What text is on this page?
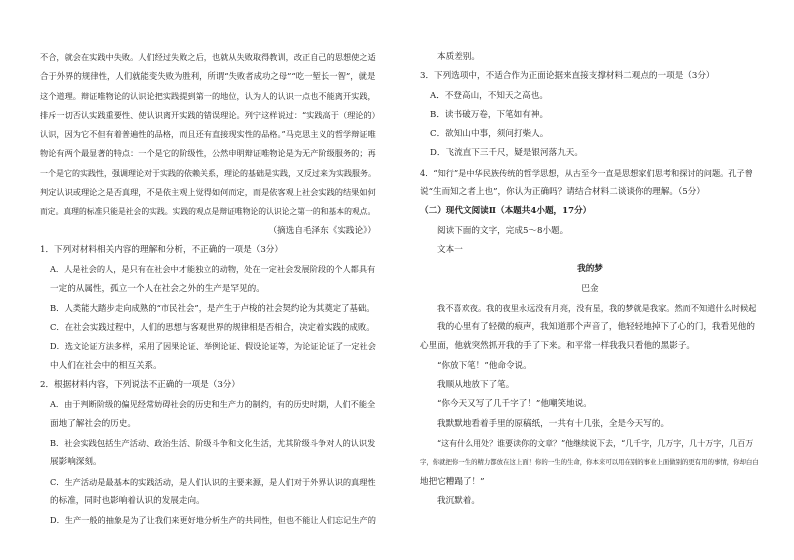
不合，就会在实践中失败。人们经过失败之后，也就从失败取得教训，改正自己的思想使之适
合于外界的规律性，人们就能变失败为胜利，所谓“失败者成功之母”“吃一堑长一智”，就是
这个道理。辩证唯物论的认识论把实践提到第一的地位，认为人的认识一点也不能离开实践，
排斥一切否认实践重要性、使认识离开实践的错误理论。列宁这样说过：“实践高于（理论的）
认识，因为它不但有着普遍性的品格，而且还有直接现实性的品格。”马克思主义的哲学辩证唯
物论有两个最显著的特点：一个是它的阶级性，公然申明辩证唯物论是为无产阶级服务的；再
一个是它的实践性，强调理论对于实践的依赖关系，理论的基础是实践，又反过来为实践服务。
判定认识或理论之是否真理，不是依主观上觉得如何而定，而是依客观上社会实践的结果如何
而定。真理的标准只能是社会的实践。实践的观点是辩证唯物论的认识论之第一的和基本的观点。
（摘选自毛泽东《实践论》）
1．下列对材料相关内容的理解和分析，不正确的一项是（3分）
A．人是社会的人，是只有在社会中才能独立的动物，处在一定社会发展阶段的个人都具有
一定的从属性，孤立一个人在社会之外的生产是罕见的。
B．人类能大踏步走向成熟的“市民社会”，是产生于卢梭的社会契约论为其奠定了基础。
C．在社会实践过程中，人们的思想与客观世界的规律相是否相合，决定着实践的成败。
D．选文论证方法多样，采用了因果论证、举例论证、假设论证等，为论证论证了一定社会
中人们在社会中的相互关系。
2．根据材料内容，下列说法不正确的一项是（3分）
A．由于判断阶级的偏见经常妨碍社会的历史和生产力的制约，有的历史时期，人们不能全
面地了解社会的历史。
B．社会实践包括生产活动、政治生活、阶级斗争和文化生活，尤其阶级斗争对人的认识发
展影响深刻。
C．生产活动是最基本的实践活动，是人们认识的主要来源，是人们对于外界认识的真理性
的标准，同时也影响着认识的发展走向。
D．生产一般的抽象是为了让我们来更好地分析生产的共同性，但也不能让人们忘记生产的
本质差别。
3．下列选项中，不适合作为正面论据来直接支撑材料二观点的一项是（3分）
A．不登高山，不知天之高也。
B．读书破万卷，下笔如有神。
C．欲知山中事，须问打柴人。
D．飞流直下三千尺，疑是银河落九天。
4．“知行”是中华民族传统的哲学思想，从古至今一直是思想家们思考和探讨的问题。孔子曾
说“生而知之者上也”，你认为正确吗？请结合材料二谈谈你的理解。（5分）
（二）现代文阅读Ⅱ（本题共4小题，17分）
阅读下面的文字，完成5～8小题。
文本一
我的梦
巴金
我不喜欢夜。我的夜里永远没有月亮，没有星，我的梦就是我家。然而不知道什么时候起
我的心里有了轻微的痕声，我知道那个声音了，他轻轻地掉下了心的门，我看见他的
心里面，他就突然抓开我的手了下来。和平常一样我我只看他的黑影子。
“你放下笔！”他命令说。
我顺从地放下了笔。
“你今天又写了几千字了！”他嘲笑地说。
我默默地看着手里的原稿纸，一共有十几张，全是今天写的。
“这有什么用处？谁要读你的文章？”他继续说下去，“几千字，几万字，几十万字，几百万
字，你就把你一生的精力都放在这上面！你的一生的生命，你本来可以用在别的事业上面做别的更有用的事情，你却白白
地把它糟蹋了！”
我沉默着。
